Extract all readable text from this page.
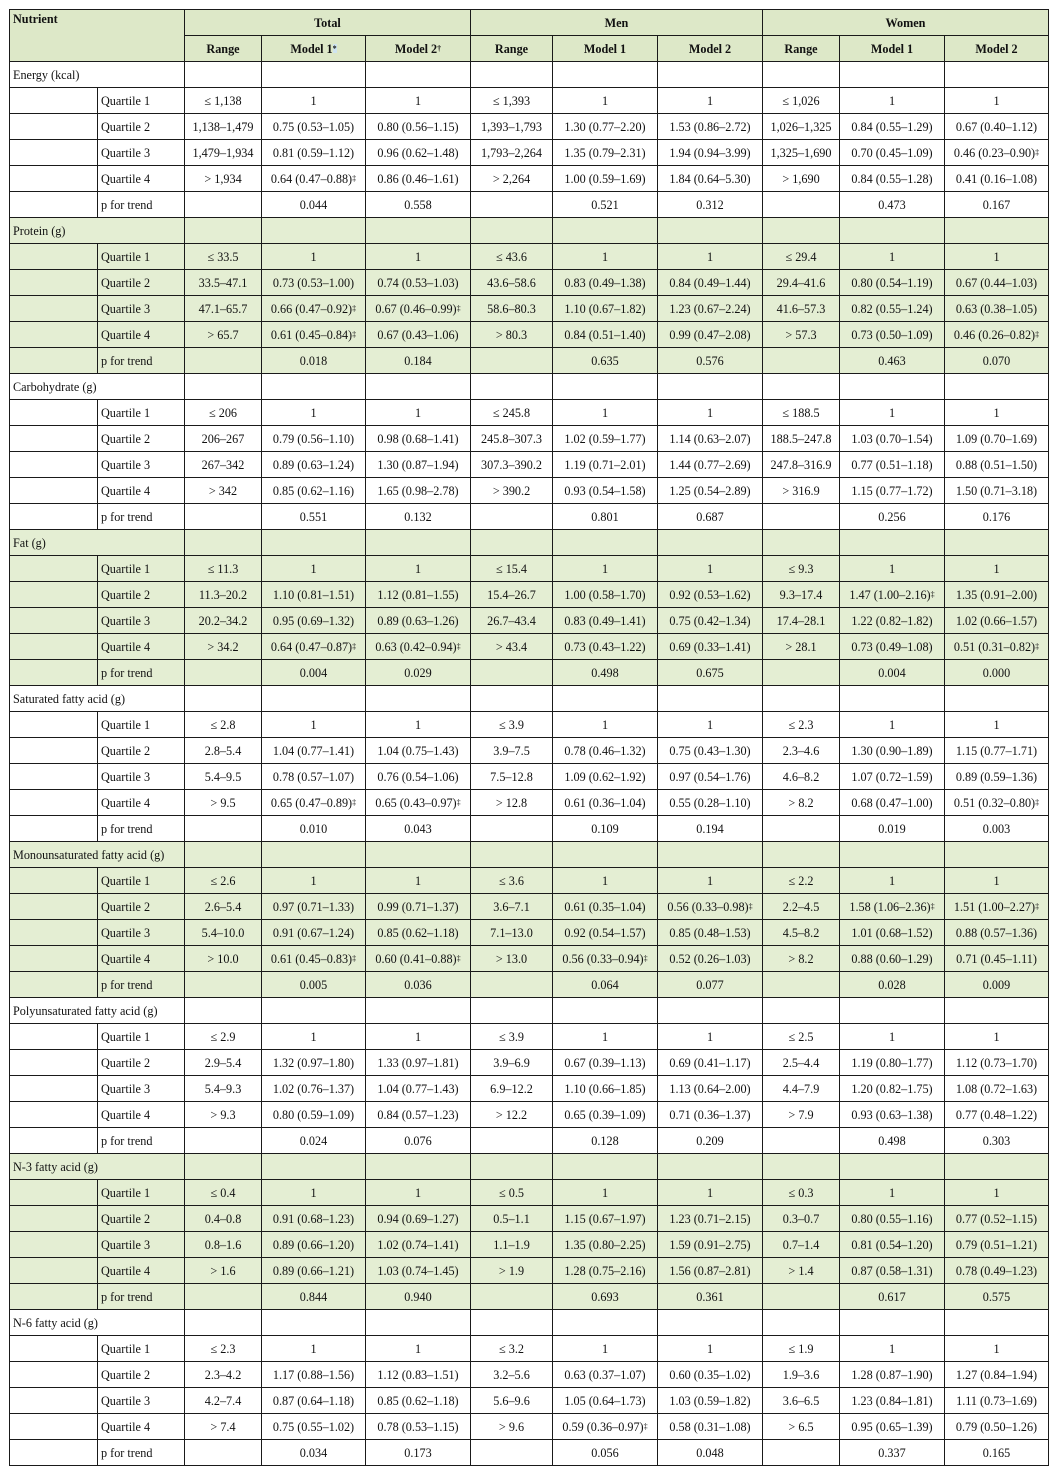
Nutrient		Total			Men			Women		
		Range	Model 1*	Model 2†	Range	Model 1	Model 2	Range	Model 1	Model 2
Energy (kcal)										
	Quartile 1	≤ 1,138	1	1	≤ 1,393	1	1	≤ 1,026	1	1
	Quartile 2	1,138–1,479	0.75 (0.53–1.05)	0.80 (0.56–1.15)	1,393–1,793	1.30 (0.77–2.20)	1.53 (0.86–2.72)	1,026–1,325	0.84 (0.55–1.29)	0.67 (0.40–1.12)
	Quartile 3	1,479–1,934	0.81 (0.59–1.12)	0.96 (0.62–1.48)	1,793–2,264	1.35 (0.79–2.31)	1.94 (0.94–3.99)	1,325–1,690	0.70 (0.45–1.09)	0.46 (0.23–0.90)‡
	Quartile 4	> 1,934	0.64 (0.47–0.88)‡	0.86 (0.46–1.61)	> 2,264	1.00 (0.59–1.69)	1.84 (0.64–5.30)	> 1,690	0.84 (0.55–1.28)	0.41 (0.16–1.08)
	p for trend		0.044	0.558		0.521	0.312		0.473	0.167
Protein (g)										
	Quartile 1	≤ 33.5	1	1	≤ 43.6	1	1	≤ 29.4	1	1
	Quartile 2	33.5–47.1	0.73 (0.53–1.00)	0.74 (0.53–1.03)	43.6–58.6	0.83 (0.49–1.38)	0.84 (0.49–1.44)	29.4–41.6	0.80 (0.54–1.19)	0.67 (0.44–1.03)
	Quartile 3	47.1–65.7	0.66 (0.47–0.92)‡	0.67 (0.46–0.99)‡	58.6–80.3	1.10 (0.67–1.82)	1.23 (0.67–2.24)	41.6–57.3	0.82 (0.55–1.24)	0.63 (0.38–1.05)
	Quartile 4	> 65.7	0.61 (0.45–0.84)‡	0.67 (0.43–1.06)	> 80.3	0.84 (0.51–1.40)	0.99 (0.47–2.08)	> 57.3	0.73 (0.50–1.09)	0.46 (0.26–0.82)‡
	p for trend		0.018	0.184		0.635	0.576		0.463	0.070
Carbohydrate (g)										
	Quartile 1	≤ 206	1	1	≤ 245.8	1	1	≤ 188.5	1	1
	Quartile 2	206–267	0.79 (0.56–1.10)	0.98 (0.68–1.41)	245.8–307.3	1.02 (0.59–1.77)	1.14 (0.63–2.07)	188.5–247.8	1.03 (0.70–1.54)	1.09 (0.70–1.69)
	Quartile 3	267–342	0.89 (0.63–1.24)	1.30 (0.87–1.94)	307.3–390.2	1.19 (0.71–2.01)	1.44 (0.77–2.69)	247.8–316.9	0.77 (0.51–1.18)	0.88 (0.51–1.50)
	Quartile 4	> 342	0.85 (0.62–1.16)	1.65 (0.98–2.78)	> 390.2	0.93 (0.54–1.58)	1.25 (0.54–2.89)	> 316.9	1.15 (0.77–1.72)	1.50 (0.71–3.18)
	p for trend		0.551	0.132		0.801	0.687		0.256	0.176
Fat (g)										
	Quartile 1	≤ 11.3	1	1	≤ 15.4	1	1	≤ 9.3	1	1
	Quartile 2	11.3–20.2	1.10 (0.81–1.51)	1.12 (0.81–1.55)	15.4–26.7	1.00 (0.58–1.70)	0.92 (0.53–1.62)	9.3–17.4	1.47 (1.00–2.16)‡	1.35 (0.91–2.00)
	Quartile 3	20.2–34.2	0.95 (0.69–1.32)	0.89 (0.63–1.26)	26.7–43.4	0.83 (0.49–1.41)	0.75 (0.42–1.34)	17.4–28.1	1.22 (0.82–1.82)	1.02 (0.66–1.57)
	Quartile 4	> 34.2	0.64 (0.47–0.87)‡	0.63 (0.42–0.94)‡	> 43.4	0.73 (0.43–1.22)	0.69 (0.33–1.41)	> 28.1	0.73 (0.49–1.08)	0.51 (0.31–0.82)‡
	p for trend		0.004	0.029		0.498	0.675		0.004	0.000
Saturated fatty acid (g)										
	Quartile 1	≤ 2.8	1	1	≤ 3.9	1	1	≤ 2.3	1	1
	Quartile 2	2.8–5.4	1.04 (0.77–1.41)	1.04 (0.75–1.43)	3.9–7.5	0.78 (0.46–1.32)	0.75 (0.43–1.30)	2.3–4.6	1.30 (0.90–1.89)	1.15 (0.77–1.71)
	Quartile 3	5.4–9.5	0.78 (0.57–1.07)	0.76 (0.54–1.06)	7.5–12.8	1.09 (0.62–1.92)	0.97 (0.54–1.76)	4.6–8.2	1.07 (0.72–1.59)	0.89 (0.59–1.36)
	Quartile 4	> 9.5	0.65 (0.47–0.89)‡	0.65 (0.43–0.97)‡	> 12.8	0.61 (0.36–1.04)	0.55 (0.28–1.10)	> 8.2	0.68 (0.47–1.00)	0.51 (0.32–0.80)‡
	p for trend		0.010	0.043		0.109	0.194		0.019	0.003
Monounsaturated fatty acid (g)										
	Quartile 1	≤ 2.6	1	1	≤ 3.6	1	1	≤ 2.2	1	1
	Quartile 2	2.6–5.4	0.97 (0.71–1.33)	0.99 (0.71–1.37)	3.6–7.1	0.61 (0.35–1.04)	0.56 (0.33–0.98)‡	2.2–4.5	1.58 (1.06–2.36)‡	1.51 (1.00–2.27)‡
	Quartile 3	5.4–10.0	0.91 (0.67–1.24)	0.85 (0.62–1.18)	7.1–13.0	0.92 (0.54–1.57)	0.85 (0.48–1.53)	4.5–8.2	1.01 (0.68–1.52)	0.88 (0.57–1.36)
	Quartile 4	> 10.0	0.61 (0.45–0.83)‡	0.60 (0.41–0.88)‡	> 13.0	0.56 (0.33–0.94)‡	0.52 (0.26–1.03)	> 8.2	0.88 (0.60–1.29)	0.71 (0.45–1.11)
	p for trend		0.005	0.036		0.064	0.077		0.028	0.009
Polyunsaturated fatty acid (g)										
	Quartile 1	≤ 2.9	1	1	≤ 3.9	1	1	≤ 2.5	1	1
	Quartile 2	2.9–5.4	1.32 (0.97–1.80)	1.33 (0.97–1.81)	3.9–6.9	0.67 (0.39–1.13)	0.69 (0.41–1.17)	2.5–4.4	1.19 (0.80–1.77)	1.12 (0.73–1.70)
	Quartile 3	5.4–9.3	1.02 (0.76–1.37)	1.04 (0.77–1.43)	6.9–12.2	1.10 (0.66–1.85)	1.13 (0.64–2.00)	4.4–7.9	1.20 (0.82–1.75)	1.08 (0.72–1.63)
	Quartile 4	> 9.3	0.80 (0.59–1.09)	0.84 (0.57–1.23)	> 12.2	0.65 (0.39–1.09)	0.71 (0.36–1.37)	> 7.9	0.93 (0.63–1.38)	0.77 (0.48–1.22)
	p for trend		0.024	0.076		0.128	0.209		0.498	0.303
N-3 fatty acid (g)										
	Quartile 1	≤ 0.4	1	1	≤ 0.5	1	1	≤ 0.3	1	1
	Quartile 2	0.4–0.8	0.91 (0.68–1.23)	0.94 (0.69–1.27)	0.5–1.1	1.15 (0.67–1.97)	1.23 (0.71–2.15)	0.3–0.7	0.80 (0.55–1.16)	0.77 (0.52–1.15)
	Quartile 3	0.8–1.6	0.89 (0.66–1.20)	1.02 (0.74–1.41)	1.1–1.9	1.35 (0.80–2.25)	1.59 (0.91–2.75)	0.7–1.4	0.81 (0.54–1.20)	0.79 (0.51–1.21)
	Quartile 4	> 1.6	0.89 (0.66–1.21)	1.03 (0.74–1.45)	> 1.9	1.28 (0.75–2.16)	1.56 (0.87–2.81)	> 1.4	0.87 (0.58–1.31)	0.78 (0.49–1.23)
	p for trend		0.844	0.940		0.693	0.361		0.617	0.575
N-6 fatty acid (g)										
	Quartile 1	≤ 2.3	1	1	≤ 3.2	1	1	≤ 1.9	1	1
	Quartile 2	2.3–4.2	1.17 (0.88–1.56)	1.12 (0.83–1.51)	3.2–5.6	0.63 (0.37–1.07)	0.60 (0.35–1.02)	1.9–3.6	1.28 (0.87–1.90)	1.27 (0.84–1.94)
	Quartile 3	4.2–7.4	0.87 (0.64–1.18)	0.85 (0.62–1.18)	5.6–9.6	1.05 (0.64–1.73)	1.03 (0.59–1.82)	3.6–6.5	1.23 (0.84–1.81)	1.11 (0.73–1.69)
	Quartile 4	> 7.4	0.75 (0.55–1.02)	0.78 (0.53–1.15)	> 9.6	0.59 (0.36–0.97)‡	0.58 (0.31–1.08)	> 6.5	0.95 (0.65–1.39)	0.79 (0.50–1.26)
	p for trend		0.034	0.173		0.056	0.048		0.337	0.165
